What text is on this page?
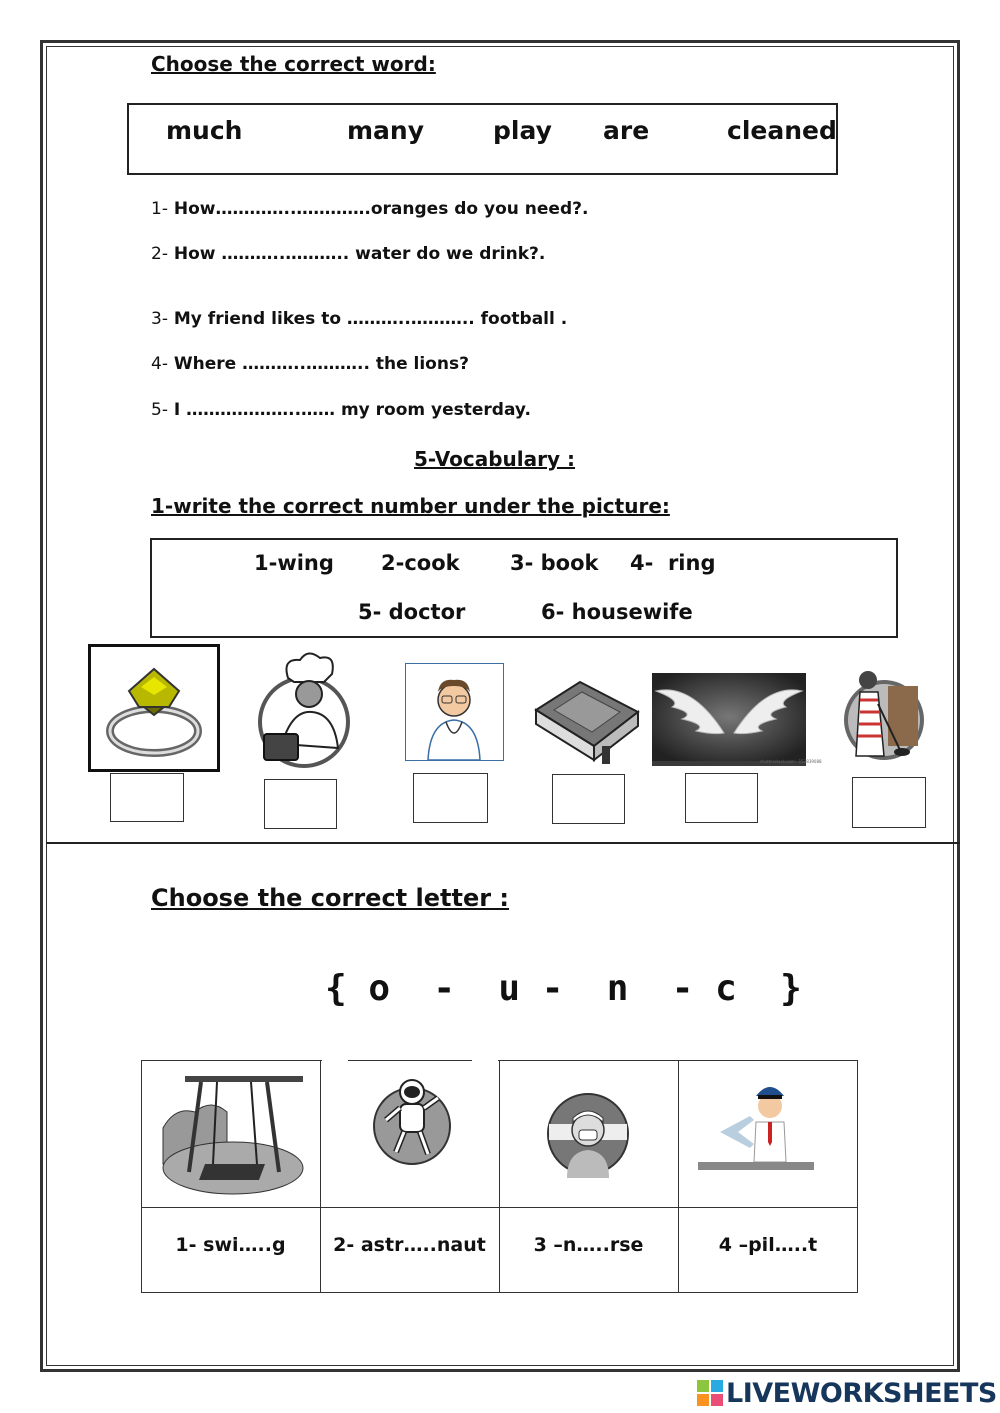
Choose the correct word:
much	many	play are	cleaned
1- How…………..………….oranges do you need?.
2- How ………..……….. water do we drink?.
3- My friend likes to ………..……….. football .
4- Where ………..……….. the lions?
5- I ………………..…… my room yesterday.
5-Vocabulary :
1-write the correct number under the picture:
1-wing 2-cook 3- book 4-  ring
5- doctor	6- housewife
shutterstock.com · 152839088
Choose the correct letter :
{ o  -  u -  n  - c  }
1- swi…..g	2- astr…..naut	3 –n…..rse	4 –pil…..t
LIVEWORKSHEETS
